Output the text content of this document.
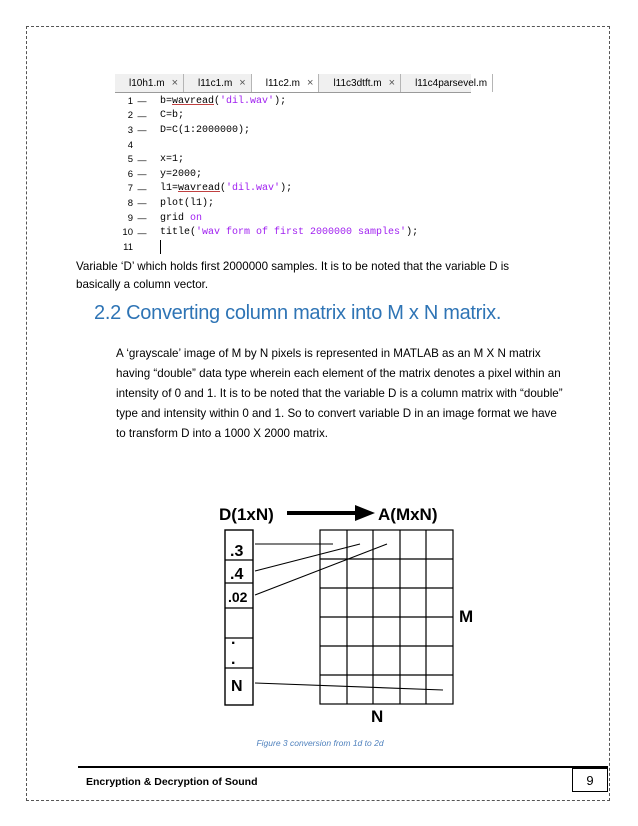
l10h1.m × l11c1.m × l11c2.m × l11c3dtft.m × l11c4parsevel.m
1 —	b=wavread('dil.wav');
2 —	C=b;
3 —	D=C(1:2000000);
4
5 —	x=1;
6 —	y=2000;
7 —	l1=wavread('dil.wav');
8 —	plot(l1);
9 —	grid on
10 —	title('wav form of first 2000000 samples');
11
Variable ‘D’ which holds first 2000000 samples. It is to be noted that the variable D is basically a column vector.
2.2 Converting column matrix into M x N matrix.
A ‘grayscale’ image of M by N pixels is represented in MATLAB as an M X N matrix having “double” data type wherein each element of the matrix denotes a pixel within an intensity of 0 and 1. It is to be noted that the variable D is a column matrix with “double” type and intensity within 0 and 1. So to convert variable D in an image format we have to transform D into a 1000 X 2000 matrix.
D(1xN)	A(MxN)
.3
.4
.02
.
.
N
M
N
Figure 3 conversion from 1d to 2d
Encryption & Decryption of Sound	9
